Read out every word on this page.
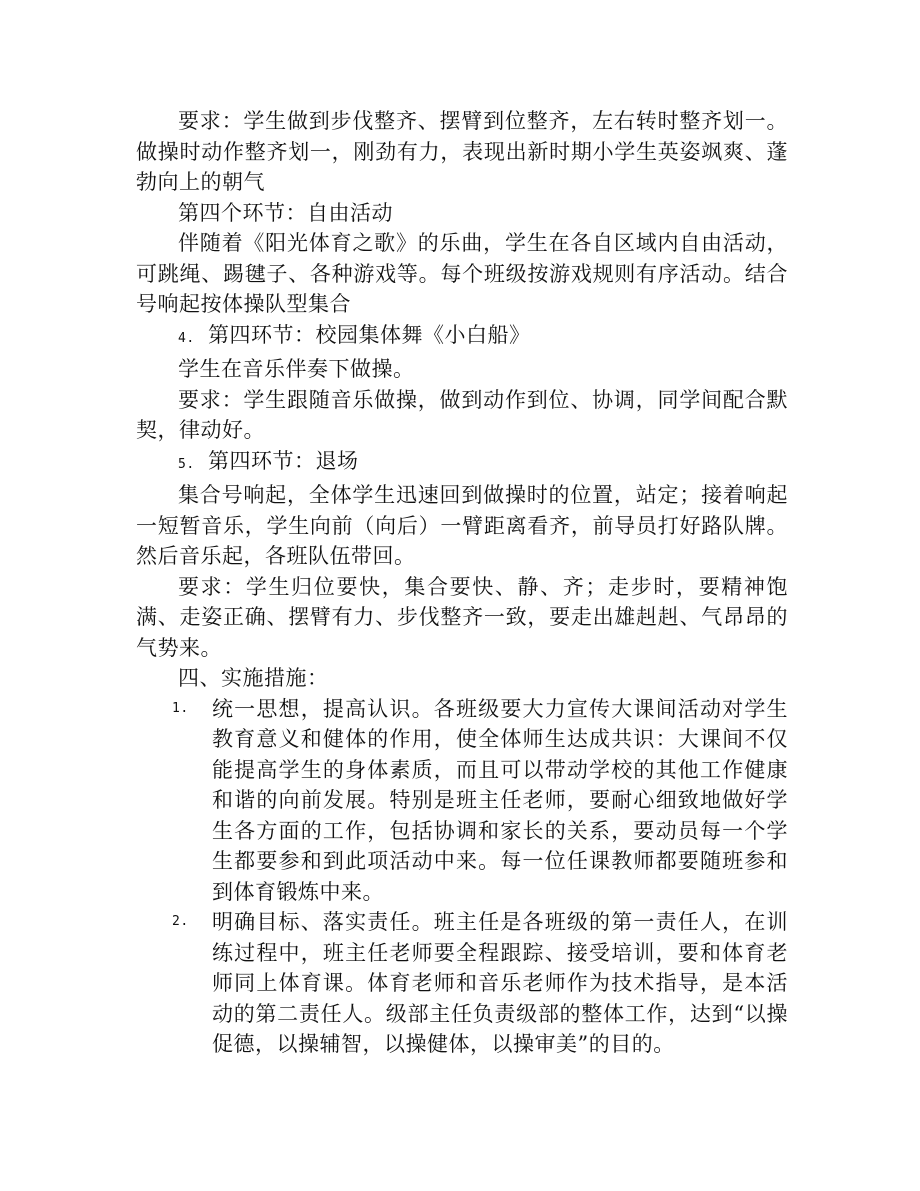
要求：学生做到步伐整齐、摆臂到位整齐，左右转时整齐划一。做操时动作整齐划一，刚劲有力，表现出新时期小学生英姿飒爽、蓬勃向上的朝气

第四个环节：自由活动

伴随着《阳光体育之歌》的乐曲，学生在各自区域内自由活动，可跳绳、踢毽子、各种游戏等。每个班级按游戏规则有序活动。结合号响起按体操队型集合

4. 第四环节：校园集体舞《小白船》

学生在音乐伴奏下做操。

要求：学生跟随音乐做操，做到动作到位、协调，同学间配合默契，律动好。

5. 第四环节：退场

集合号响起，全体学生迅速回到做操时的位置，站定；接着响起一短暂音乐，学生向前（向后）一臂距离看齐，前导员打好路队牌。然后音乐起，各班队伍带回。

要求：学生归位要快，集合要快、静、齐；走步时，要精神饱满、走姿正确、摆臂有力、步伐整齐一致，要走出雄赳赳、气昂昂的气势来。

四、实施措施：

1.	统一思想，提高认识。各班级要大力宣传大课间活动对学生教育意义和健体的作用，使全体师生达成共识：大课间不仅能提高学生的身体素质，而且可以带动学校的其他工作健康和谐的向前发展。特别是班主任老师，要耐心细致地做好学生各方面的工作，包括协调和家长的关系，要动员每一个学生都要参和到此项活动中来。每一位任课教师都要随班参和到体育锻炼中来。
2.	明确目标、落实责任。班主任是各班级的第一责任人，在训练过程中，班主任老师要全程跟踪、接受培训，要和体育老师同上体育课。体育老师和音乐老师作为技术指导，是本活动的第二责任人。级部主任负责级部的整体工作，达到“以操促德，以操辅智，以操健体，以操审美”的目的。
